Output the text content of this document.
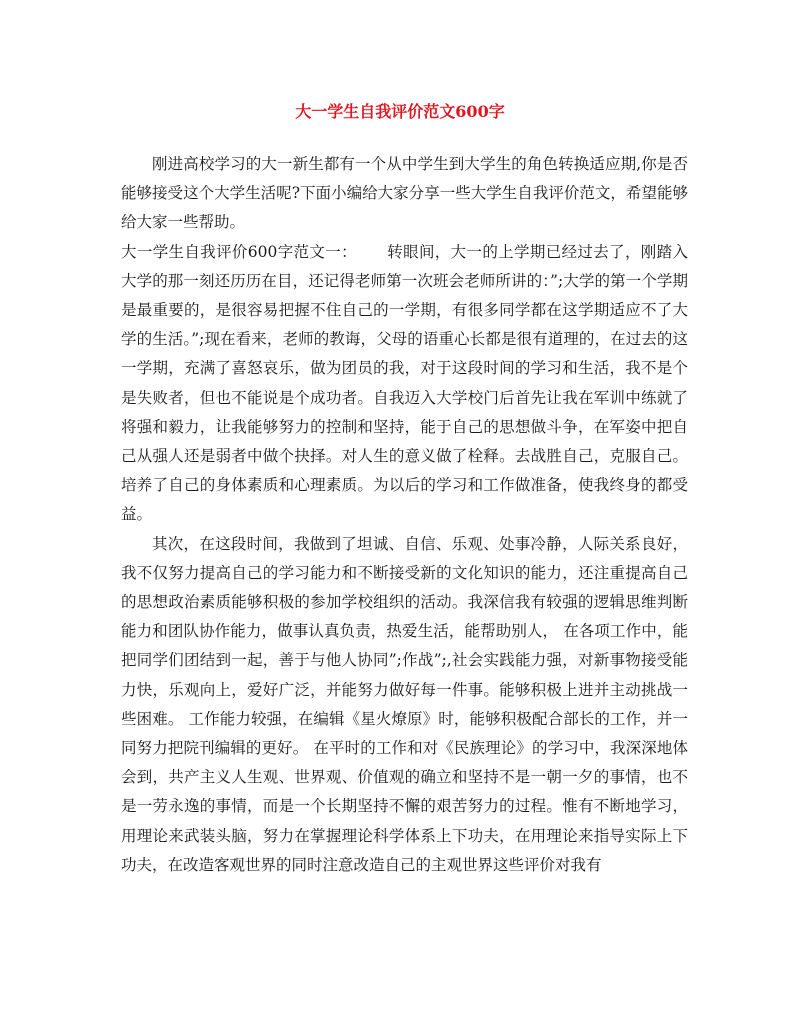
大一学生自我评价范文600字

刚进高校学习的大一新生都有一个从中学生到大学生的角色转换适应期,你是否能够接受这个大学生活呢?下面小编给大家分享一些大学生自我评价范文，希望能够给大家一些帮助。

大一学生自我评价600字范文一： 转眼间，大一的上学期已经过去了，刚踏入大学的那一刻还历历在目，还记得老师第一次班会老师所讲的：”;大学的第一个学期是最重要的，是很容易把握不住自己的一学期，有很多同学都在这学期适应不了大学的生活。”;现在看来，老师的教诲，父母的语重心长都是很有道理的，在过去的这一学期，充满了喜怒哀乐，做为团员的我，对于这段时间的学习和生活，我不是个是失败者，但也不能说是个成功者。自我迈入大学校门后首先让我在军训中练就了将强和毅力，让我能够努力的控制和坚持，能于自己的思想做斗争，在军姿中把自己从强人还是弱者中做个抉择。对人生的意义做了栓释。去战胜自己，克服自己。培养了自己的身体素质和心理素质。为以后的学习和工作做准备，使我终身的都受益。

其次，在这段时间，我做到了坦诚、自信、乐观、处事冷静，人际关系良好，我不仅努力提高自己的学习能力和不断接受新的文化知识的能力，还注重提高自己的思想政治素质能够积极的参加学校组织的活动。我深信我有较强的逻辑思维判断能力和团队协作能力，做事认真负责，热爱生活，能帮助别人， 在各项工作中，能把同学们团结到一起，善于与他人协同”;作战”;,社会实践能力强，对新事物接受能力快，乐观向上，爱好广泛，并能努力做好每一件事。能够积极上进并主动挑战一些困难。 工作能力较强，在编辑《星火燎原》时，能够积极配合部长的工作，并一同努力把院刊编辑的更好。 在平时的工作和对《民族理论》的学习中，我深深地体会到，共产主义人生观、世界观、价值观的确立和坚持不是一朝一夕的事情，也不是一劳永逸的事情，而是一个长期坚持不懈的艰苦努力的过程。惟有不断地学习，用理论来武装头脑，努力在掌握理论科学体系上下功夫，在用理论来指导实际上下功夫，在改造客观世界的同时注意改造自己的主观世界这些评价对我有
